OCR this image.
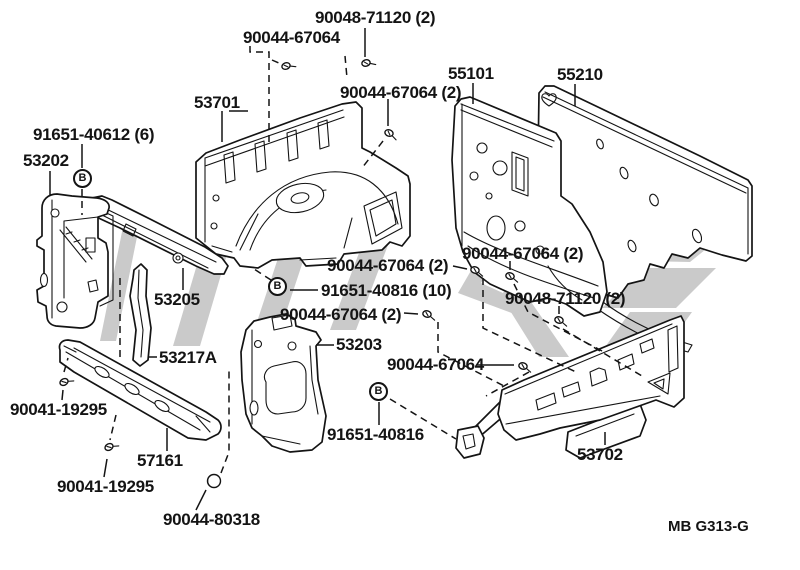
B
B
B
90048-71120 (2)
90044-67064
90044-67064 (2)
55101	55210
53701
91651-40612 (6)
53202
90044-67064 (2)
90044-67064 (2)
91651-40816 (10)	90048-71120 (2)
53205
90044-67064 (2)
53203
53217A	90044-67064
90041-19295
91651-40816
57161	53702
90041-19295
90044-80318	MB G313-G
